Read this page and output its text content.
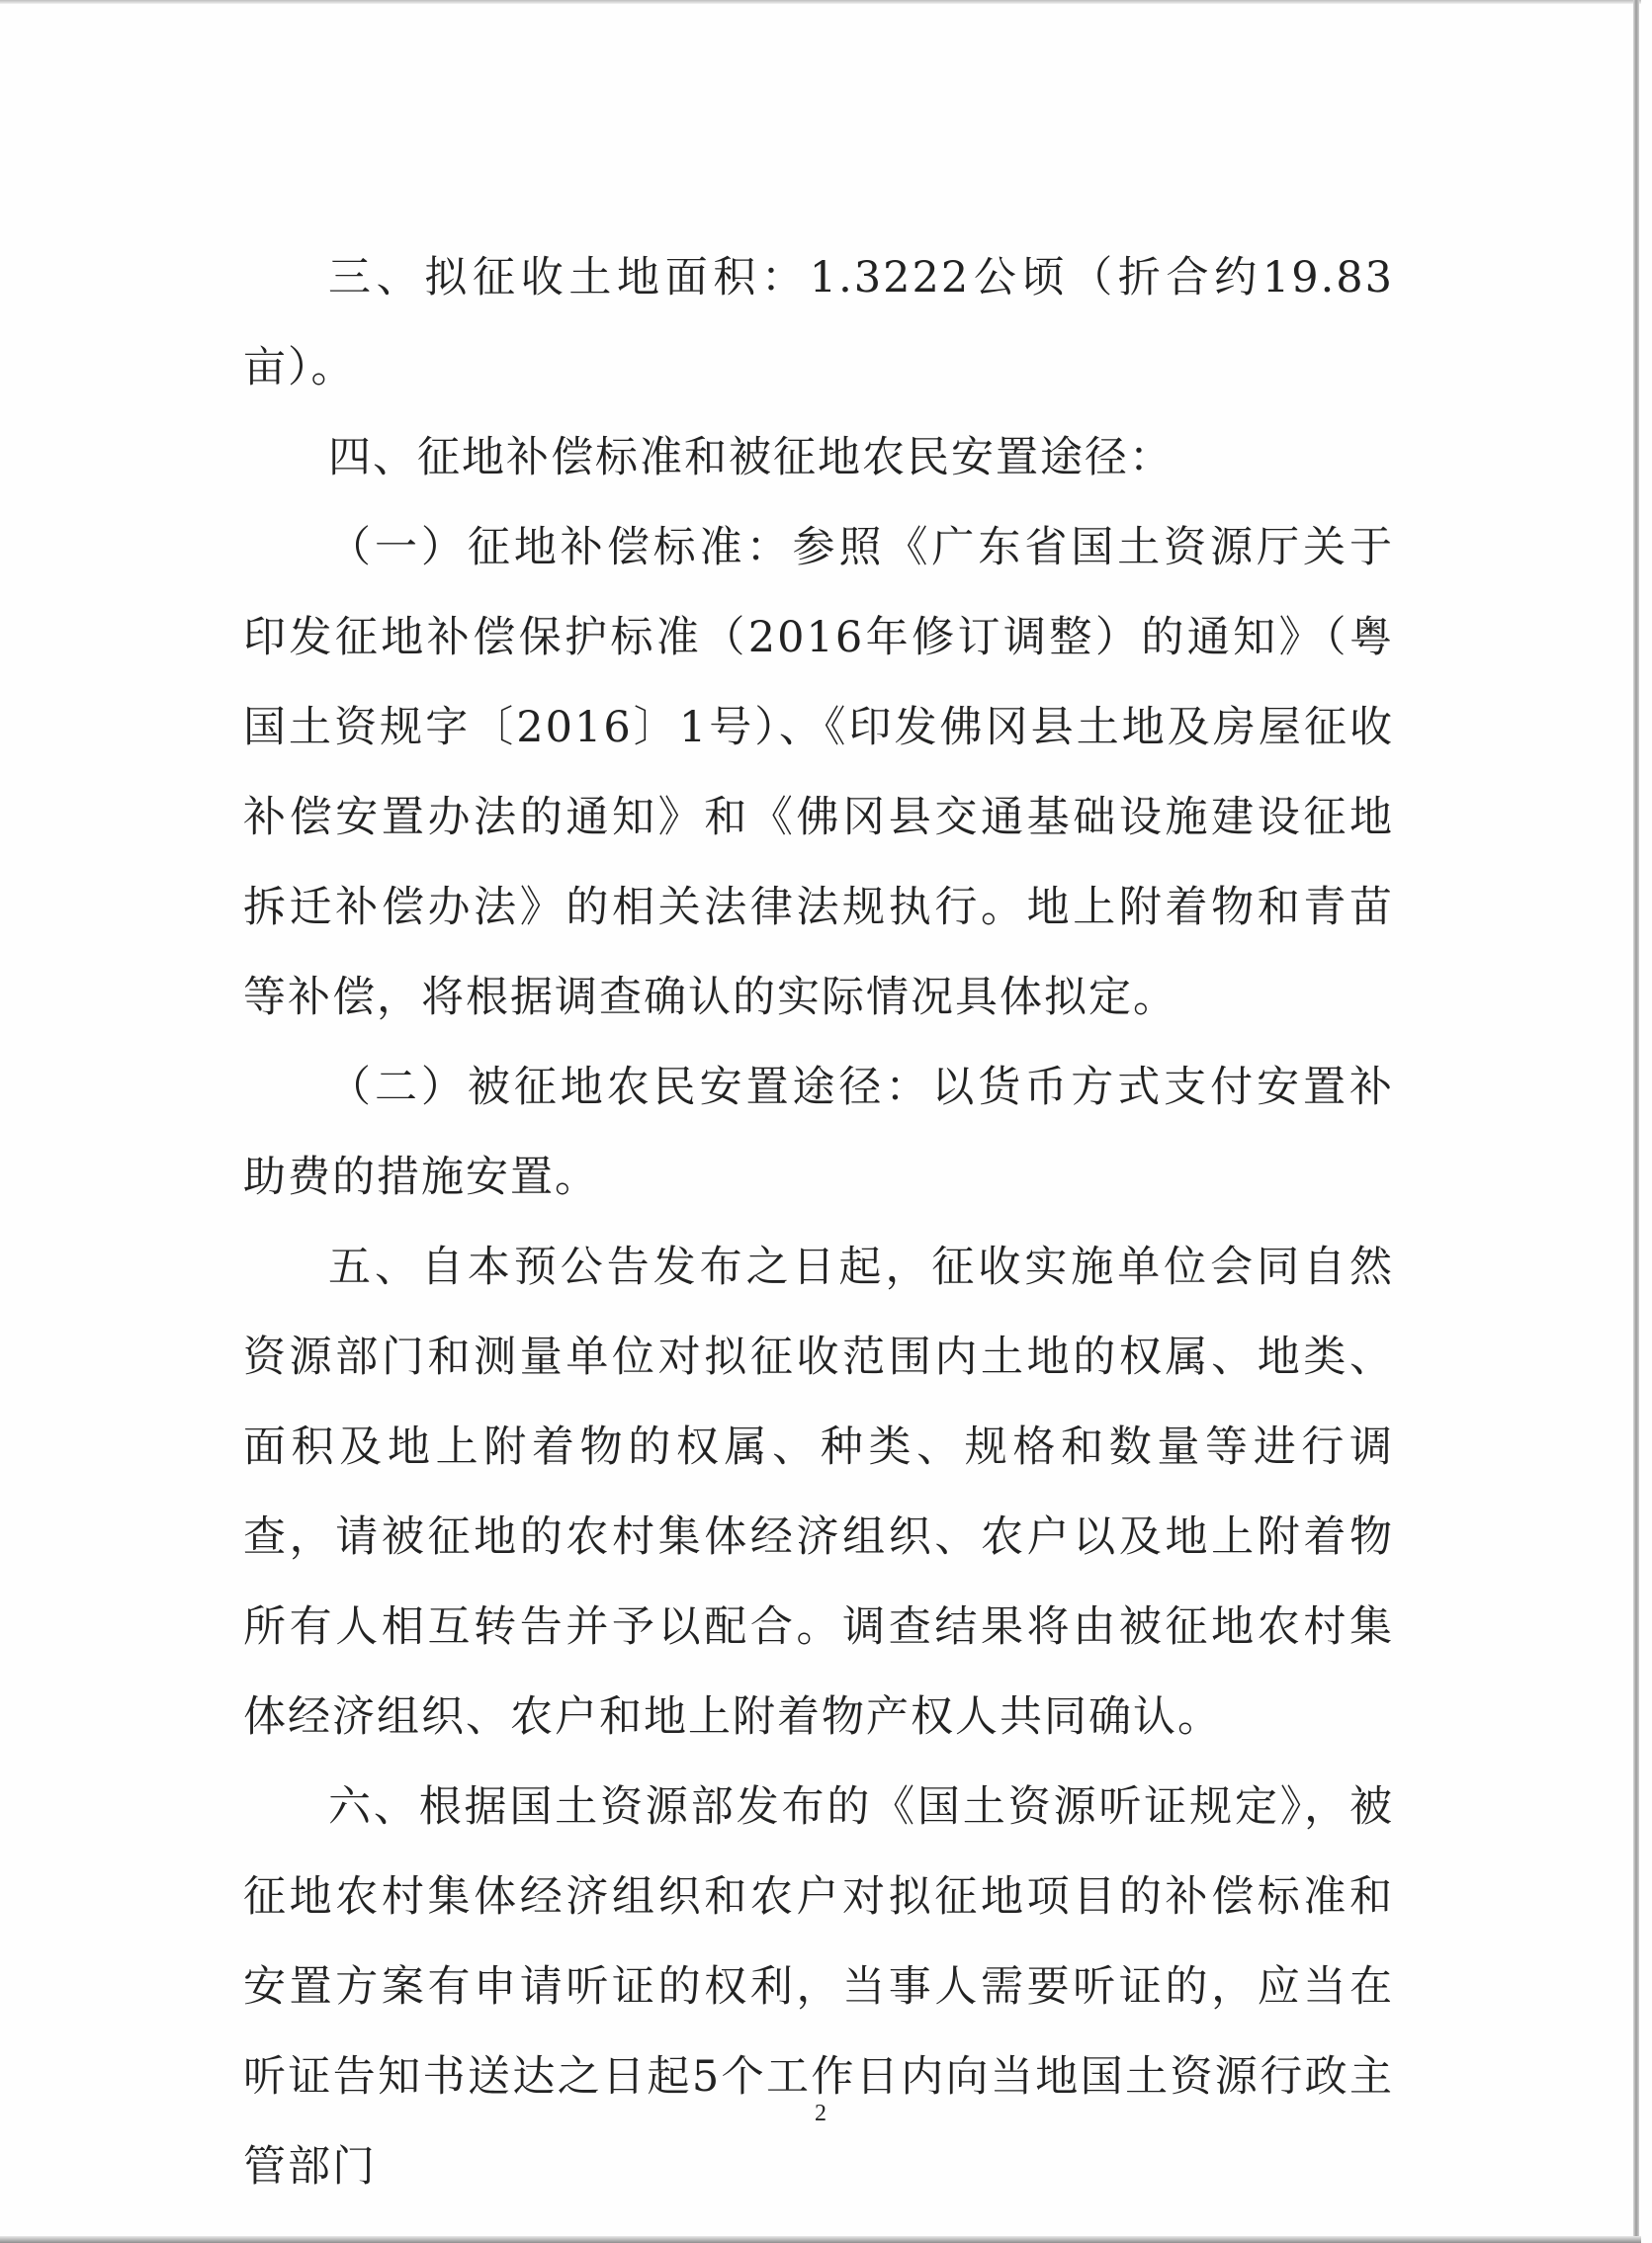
三、拟征收土地面积：1.3222公顷（折合约19.83亩）。

四、征地补偿标准和被征地农民安置途径：

（一）征地补偿标准：参照《广东省国土资源厅关于印发征地补偿保护标准（2016年修订调整）的通知》（粤国土资规字〔2016〕1号）、《印发佛冈县土地及房屋征收补偿安置办法的通知》和《佛冈县交通基础设施建设征地拆迁补偿办法》的相关法律法规执行。地上附着物和青苗等补偿，将根据调查确认的实际情况具体拟定。

（二）被征地农民安置途径：以货币方式支付安置补助费的措施安置。

五、自本预公告发布之日起，征收实施单位会同自然资源部门和测量单位对拟征收范围内土地的权属、地类、面积及地上附着物的权属、种类、规格和数量等进行调查，请被征地的农村集体经济组织、农户以及地上附着物所有人相互转告并予以配合。调查结果将由被征地农村集体经济组织、农户和地上附着物产权人共同确认。

六、根据国土资源部发布的《国土资源听证规定》，被征地农村集体经济组织和农户对拟征地项目的补偿标准和安置方案有申请听证的权利，当事人需要听证的，应当在听证告知书送达之日起5个工作日内向当地国土资源行政主管部门

2
